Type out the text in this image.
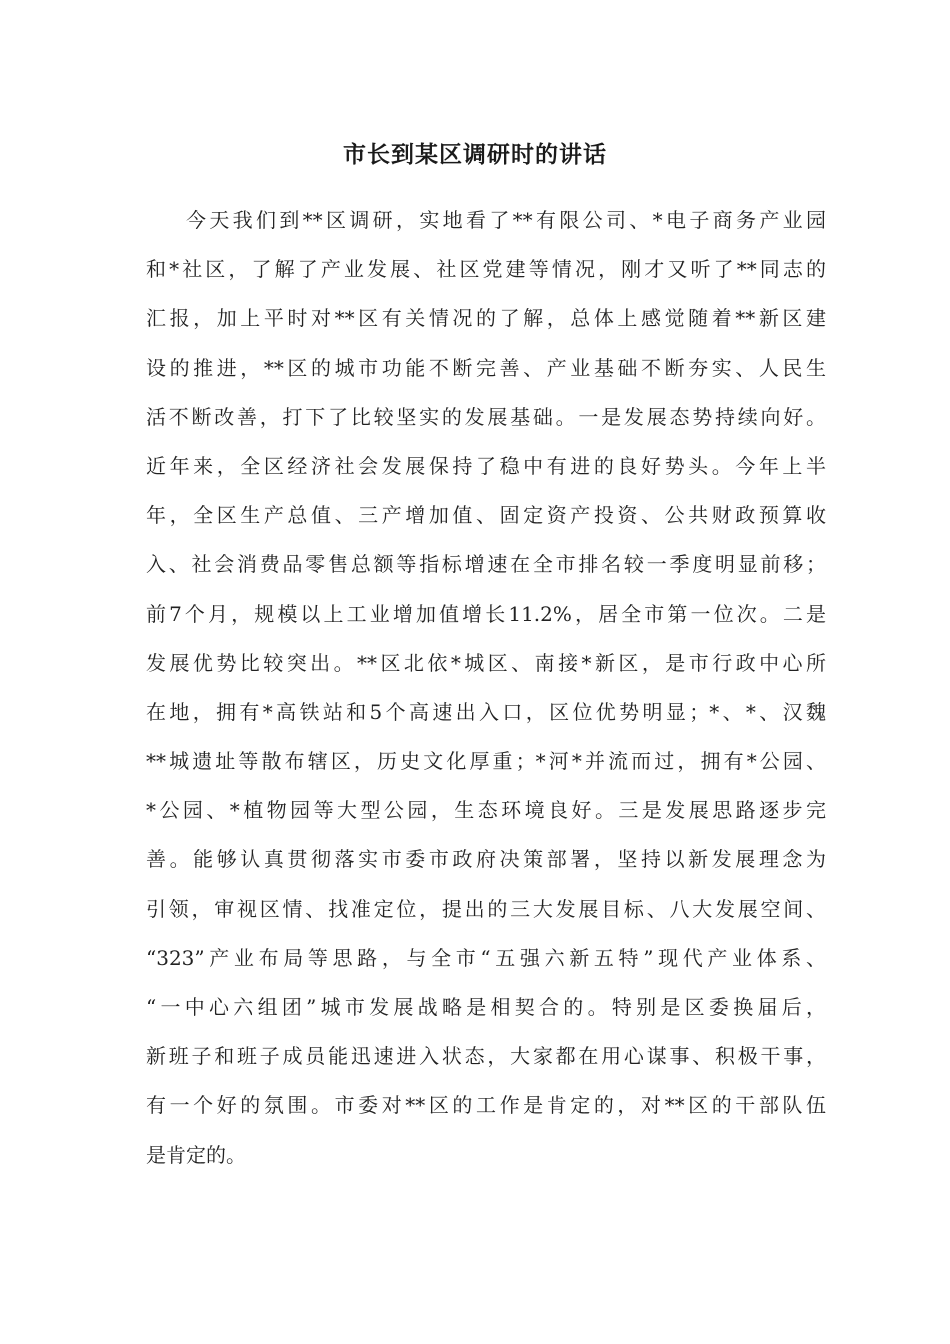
市长到某区调研时的讲话
今天我们到**区调研，实地看了**有限公司、*电子商务产业园
和*社区，了解了产业发展、社区党建等情况，刚才又听了**同志的
汇报，加上平时对**区有关情况的了解，总体上感觉随着**新区建
设的推进，**区的城市功能不断完善、产业基础不断夯实、人民生
活不断改善，打下了比较坚实的发展基础。一是发展态势持续向好。
近年来，全区经济社会发展保持了稳中有进的良好势头。今年上半
年，全区生产总值、三产增加值、固定资产投资、公共财政预算收
入、社会消费品零售总额等指标增速在全市排名较一季度明显前移；
前7个月，规模以上工业增加值增长11.2%，居全市第一位次。二是
发展优势比较突出。**区北依*城区、南接*新区，是市行政中心所
在地，拥有*高铁站和5个高速出入口，区位优势明显；*、*、汉魏
**城遗址等散布辖区，历史文化厚重；*河*并流而过，拥有*公园、
*公园、*植物园等大型公园，生态环境良好。三是发展思路逐步完
善。能够认真贯彻落实市委市政府决策部署，坚持以新发展理念为
引领，审视区情、找准定位，提出的三大发展目标、八大发展空间、
“323”产业布局等思路，与全市“五强六新五特”现代产业体系、
“一中心六组团”城市发展战略是相契合的。特别是区委换届后，
新班子和班子成员能迅速进入状态，大家都在用心谋事、积极干事，
有一个好的氛围。市委对**区的工作是肯定的，对**区的干部队伍
是肯定的。
